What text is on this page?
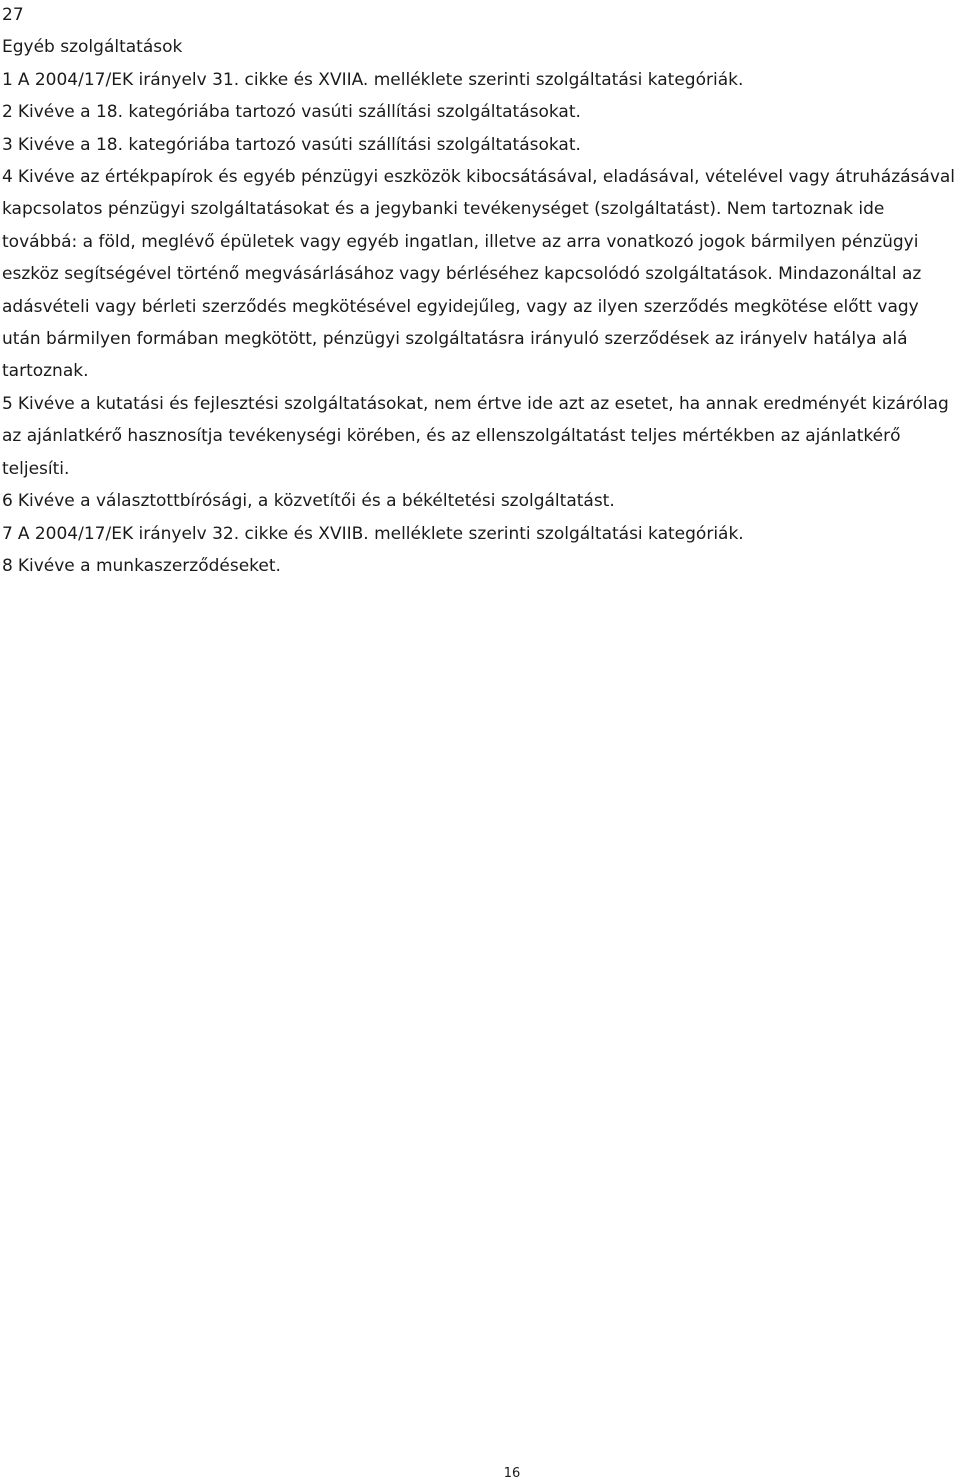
27
Egyéb szolgáltatások
1 A 2004/17/EK irányelv 31. cikke és XVIIA. melléklete szerinti szolgáltatási kategóriák.
2 Kivéve a 18. kategóriába tartozó vasúti szállítási szolgáltatásokat.
3 Kivéve a 18. kategóriába tartozó vasúti szállítási szolgáltatásokat.
4 Kivéve az értékpapírok és egyéb pénzügyi eszközök kibocsátásával, eladásával, vételével vagy átruházásával kapcsolatos pénzügyi szolgáltatásokat és a jegybanki tevékenységet (szolgáltatást). Nem tartoznak ide továbbá: a föld, meglévő épületek vagy egyéb ingatlan, illetve az arra vonatkozó jogok bármilyen pénzügyi eszköz segítségével történő megvásárlásához vagy bérléséhez kapcsolódó szolgáltatások. Mindazonáltal az adásvételi vagy bérleti szerződés megkötésével egyidejűleg, vagy az ilyen szerződés megkötése előtt vagy után bármilyen formában megkötött, pénzügyi szolgáltatásra irányuló szerződések az irányelv hatálya alá tartoznak.
5 Kivéve a kutatási és fejlesztési szolgáltatásokat, nem értve ide azt az esetet, ha annak eredményét kizárólag az ajánlatkérő hasznosítja tevékenységi körében, és az ellenszolgáltatást teljes mértékben az ajánlatkérő teljesíti.
6 Kivéve a választottbírósági, a közvetítői és a békéltetési szolgáltatást.
7 A 2004/17/EK irányelv 32. cikke és XVIIB. melléklete szerinti szolgáltatási kategóriák.
8 Kivéve a munkaszerződéseket.
16
